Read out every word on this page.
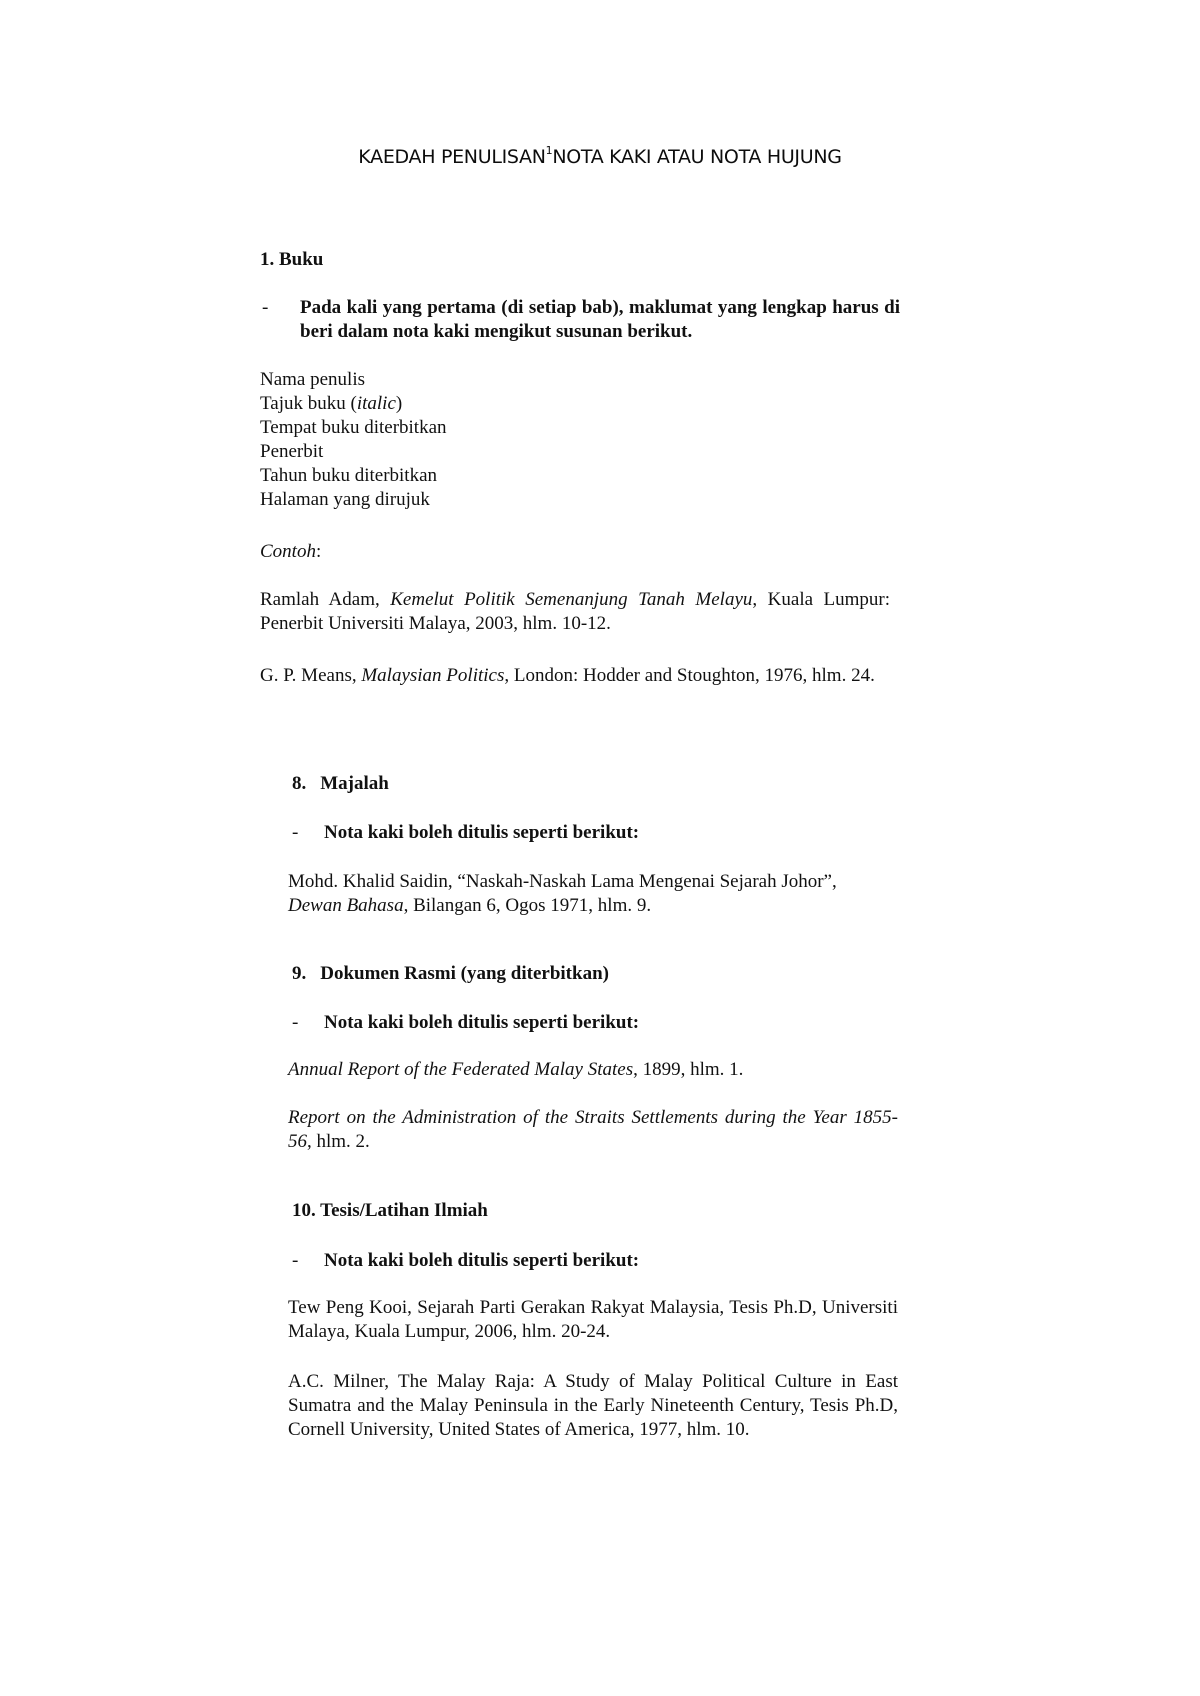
KAEDAH PENULISAN$^1$NOTA KAKI ATAU NOTA HUJUNG
1. Buku
- Pada kali yang pertama (di setiap bab), maklumat yang lengkap harus di beri dalam nota kaki mengikut susunan berikut.
Nama penulis
Tajuk buku (italic)
Tempat buku diterbitkan
Penerbit
Tahun buku diterbitkan
Halaman yang dirujuk
Contoh:
Ramlah Adam, Kemelut Politik Semenanjung Tanah Melayu, Kuala Lumpur: Penerbit Universiti Malaya, 2003, hlm. 10-12.
G. P. Means, Malaysian Politics, London: Hodder and Stoughton, 1976, hlm. 24.
8. Majalah
- Nota kaki boleh ditulis seperti berikut:
Mohd. Khalid Saidin, “Naskah-Naskah Lama Mengenai Sejarah Johor”,
Dewan Bahasa, Bilangan 6, Ogos 1971, hlm. 9.
9. Dokumen Rasmi (yang diterbitkan)
- Nota kaki boleh ditulis seperti berikut:
Annual Report of the Federated Malay States, 1899, hlm. 1.
Report on the Administration of the Straits Settlements during the Year 1855-56, hlm. 2.
10. Tesis/Latihan Ilmiah
- Nota kaki boleh ditulis seperti berikut:
Tew Peng Kooi, Sejarah Parti Gerakan Rakyat Malaysia, Tesis Ph.D, Universiti Malaya, Kuala Lumpur, 2006, hlm. 20-24.
A.C. Milner, The Malay Raja: A Study of Malay Political Culture in East Sumatra and the Malay Peninsula in the Early Nineteenth Century, Tesis Ph.D, Cornell University, United States of America, 1977, hlm. 10.
